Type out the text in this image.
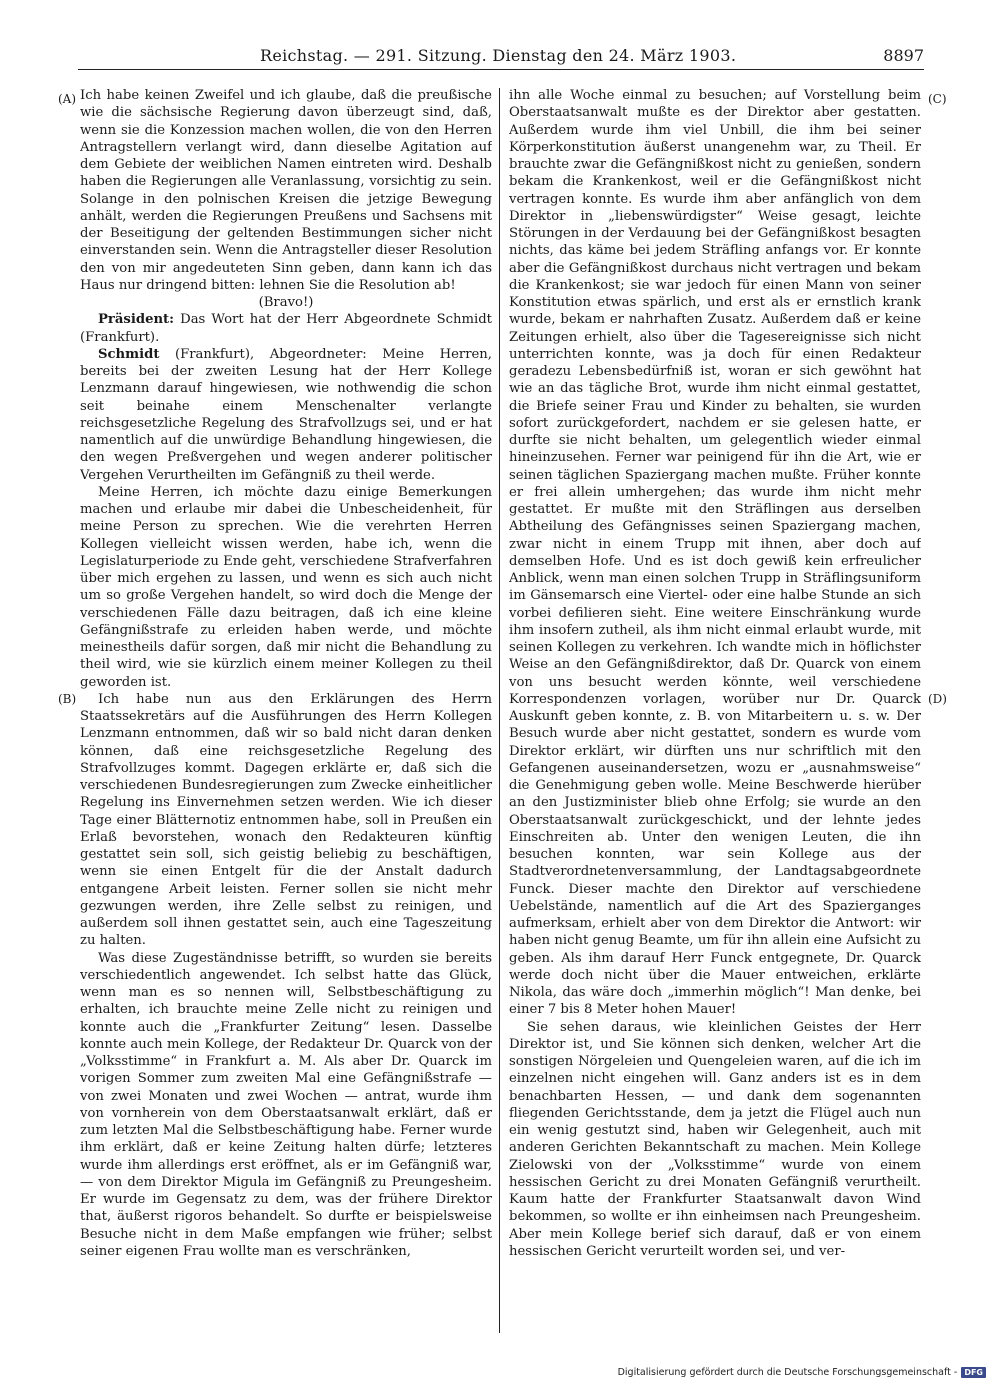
Reichstag. — 291. Sitzung. Dienstag den 24. März 1903.	8897
(A)
(B)
(C)
(D)

Ich habe keinen Zweifel und ich glaube, daß die preußische wie die sächsische Regierung davon überzeugt sind, daß, wenn sie die Konzession machen wollen, die von den Herren Antragstellern verlangt wird, dann dieselbe Agitation auf dem Gebiete der weiblichen Namen eintreten wird. Deshalb haben die Regierungen alle Veranlassung, vorsichtig zu sein. Solange in den polnischen Kreisen die jetzige Bewegung anhält, werden die Regierungen Preußens und Sachsens mit der Beseitigung der geltenden Bestimmungen sicher nicht einverstanden sein. Wenn die Antragsteller dieser Resolution den von mir angedeuteten Sinn geben, dann kann ich das Haus nur dringend bitten: lehnen Sie die Resolution ab!

(Bravo!)

Präsident: Das Wort hat der Herr Abgeordnete Schmidt (Frankfurt).

Schmidt (Frankfurt), Abgeordneter: Meine Herren, bereits bei der zweiten Lesung hat der Herr Kollege Lenzmann darauf hingewiesen, wie nothwendig die schon seit beinahe einem Menschenalter verlangte reichsgesetzliche Regelung des Strafvollzugs sei, und er hat namentlich auf die unwürdige Behandlung hingewiesen, die den wegen Preßvergehen und wegen anderer politischer Vergehen Verurtheilten im Gefängniß zu theil werde.

Meine Herren, ich möchte dazu einige Bemerkungen machen und erlaube mir dabei die Unbescheidenheit, für meine Person zu sprechen. Wie die verehrten Herren Kollegen vielleicht wissen werden, habe ich, wenn die Legislaturperiode zu Ende geht, verschiedene Strafverfahren über mich ergehen zu lassen, und wenn es sich auch nicht um so große Vergehen handelt, so wird doch die Menge der verschiedenen Fälle dazu beitragen, daß ich eine kleine Gefängnißstrafe zu erleiden haben werde, und möchte meinestheils dafür sorgen, daß mir nicht die Behandlung zu theil wird, wie sie kürzlich einem meiner Kollegen zu theil geworden ist.

Ich habe nun aus den Erklärungen des Herrn Staatssekretärs auf die Ausführungen des Herrn Kollegen Lenzmann entnommen, daß wir so bald nicht daran denken können, daß eine reichsgesetzliche Regelung des Strafvollzuges kommt. Dagegen erklärte er, daß sich die verschiedenen Bundesregierungen zum Zwecke einheitlicher Regelung ins Einvernehmen setzen werden. Wie ich dieser Tage einer Blätternotiz entnommen habe, soll in Preußen ein Erlaß bevorstehen, wonach den Redakteuren künftig gestattet sein soll, sich geistig beliebig zu beschäftigen, wenn sie einen Entgelt für die der Anstalt dadurch entgangene Arbeit leisten. Ferner sollen sie nicht mehr gezwungen werden, ihre Zelle selbst zu reinigen, und außerdem soll ihnen gestattet sein, auch eine Tageszeitung zu halten.

Was diese Zugeständnisse betrifft, so wurden sie bereits verschiedentlich angewendet. Ich selbst hatte das Glück, wenn man es so nennen will, Selbstbeschäftigung zu erhalten, ich brauchte meine Zelle nicht zu reinigen und konnte auch die „Frankfurter Zeitung“ lesen. Dasselbe konnte auch mein Kollege, der Redakteur Dr. Quarck von der „Volksstimme“ in Frankfurt a. M. Als aber Dr. Quarck im vorigen Sommer zum zweiten Mal eine Gefängnißstrafe — von zwei Monaten und zwei Wochen — antrat, wurde ihm von vornherein von dem Oberstaatsanwalt erklärt, daß er zum letzten Mal die Selbstbeschäftigung habe. Ferner wurde ihm erklärt, daß er keine Zeitung halten dürfe; letzteres wurde ihm allerdings erst eröffnet, als er im Gefängniß war, — von dem Direktor Migula im Gefängniß zu Preungesheim. Er wurde im Gegensatz zu dem, was der frühere Direktor that, äußerst rigoros behandelt. So durfte er beispielsweise Besuche nicht in dem Maße empfangen wie früher; selbst seiner eigenen Frau wollte man es verschränken,

ihn alle Woche einmal zu besuchen; auf Vorstellung beim Oberstaatsanwalt mußte es der Direktor aber gestatten. Außerdem wurde ihm viel Unbill, die ihm bei seiner Körperkonstitution äußerst unangenehm war, zu Theil. Er brauchte zwar die Gefängnißkost nicht zu genießen, sondern bekam die Krankenkost, weil er die Gefängnißkost nicht vertragen konnte. Es wurde ihm aber anfänglich von dem Direktor in „liebenswürdigster“ Weise gesagt, leichte Störungen in der Verdauung bei der Gefängnißkost besagten nichts, das käme bei jedem Sträfling anfangs vor. Er konnte aber die Gefängnißkost durchaus nicht vertragen und bekam die Krankenkost; sie war jedoch für einen Mann von seiner Konstitution etwas spärlich, und erst als er ernstlich krank wurde, bekam er nahrhaften Zusatz. Außerdem daß er keine Zeitungen erhielt, also über die Tagesereignisse sich nicht unterrichten konnte, was ja doch für einen Redakteur geradezu Lebensbedürfniß ist, woran er sich gewöhnt hat wie an das tägliche Brot, wurde ihm nicht einmal gestattet, die Briefe seiner Frau und Kinder zu behalten, sie wurden sofort zurückgefordert, nachdem er sie gelesen hatte, er durfte sie nicht behalten, um gelegentlich wieder einmal hineinzusehen. Ferner war peinigend für ihn die Art, wie er seinen täglichen Spaziergang machen mußte. Früher konnte er frei allein umhergehen; das wurde ihm nicht mehr gestattet. Er mußte mit den Sträflingen aus derselben Abtheilung des Gefängnisses seinen Spaziergang machen, zwar nicht in einem Trupp mit ihnen, aber doch auf demselben Hofe. Und es ist doch gewiß kein erfreulicher Anblick, wenn man einen solchen Trupp in Sträflingsuniform im Gänsemarsch eine Viertel- oder eine halbe Stunde an sich vorbei defilieren sieht. Eine weitere Einschränkung wurde ihm insofern zutheil, als ihm nicht einmal erlaubt wurde, mit seinen Kollegen zu verkehren. Ich wandte mich in höflichster Weise an den Gefängnißdirektor, daß Dr. Quarck von einem von uns besucht werden könnte, weil verschiedene Korrespondenzen vorlagen, worüber nur Dr. Quarck Auskunft geben konnte, z. B. von Mitarbeitern u. s. w. Der Besuch wurde aber nicht gestattet, sondern es wurde vom Direktor erklärt, wir dürften uns nur schriftlich mit den Gefangenen auseinandersetzen, wozu er „ausnahmsweise“ die Genehmigung geben wolle. Meine Beschwerde hierüber an den Justizminister blieb ohne Erfolg; sie wurde an den Oberstaatsanwalt zurückgeschickt, und der lehnte jedes Einschreiten ab. Unter den wenigen Leuten, die ihn besuchen konnten, war sein Kollege aus der Stadtverordnetenversammlung, der Landtagsabgeordnete Funck. Dieser machte den Direktor auf verschiedene Uebelstände, namentlich auf die Art des Spazierganges aufmerksam, erhielt aber von dem Direktor die Antwort: wir haben nicht genug Beamte, um für ihn allein eine Aufsicht zu geben. Als ihm darauf Herr Funck entgegnete, Dr. Quarck werde doch nicht über die Mauer entweichen, erklärte Nikola, das wäre doch „immerhin möglich“! Man denke, bei einer 7 bis 8 Meter hohen Mauer!

Sie sehen daraus, wie kleinlichen Geistes der Herr Direktor ist, und Sie können sich denken, welcher Art die sonstigen Nörgeleien und Quengeleien waren, auf die ich im einzelnen nicht eingehen will. Ganz anders ist es in dem benachbarten Hessen, — und dank dem sogenannten fliegenden Gerichtsstande, dem ja jetzt die Flügel auch nun ein wenig gestutzt sind, haben wir Gelegenheit, auch mit anderen Gerichten Bekanntschaft zu machen. Mein Kollege Zielowski von der „Volksstimme“ wurde von einem hessischen Gericht zu drei Monaten Gefängniß verurtheilt. Kaum hatte der Frankfurter Staatsanwalt davon Wind bekommen, so wollte er ihn einheimsen nach Preungesheim. Aber mein Kollege berief sich darauf, daß er von einem hessischen Gericht verurteilt worden sei, und ver-

Digitalisierung gefördert durch die Deutsche Forschungsgemeinschaft - DFG
